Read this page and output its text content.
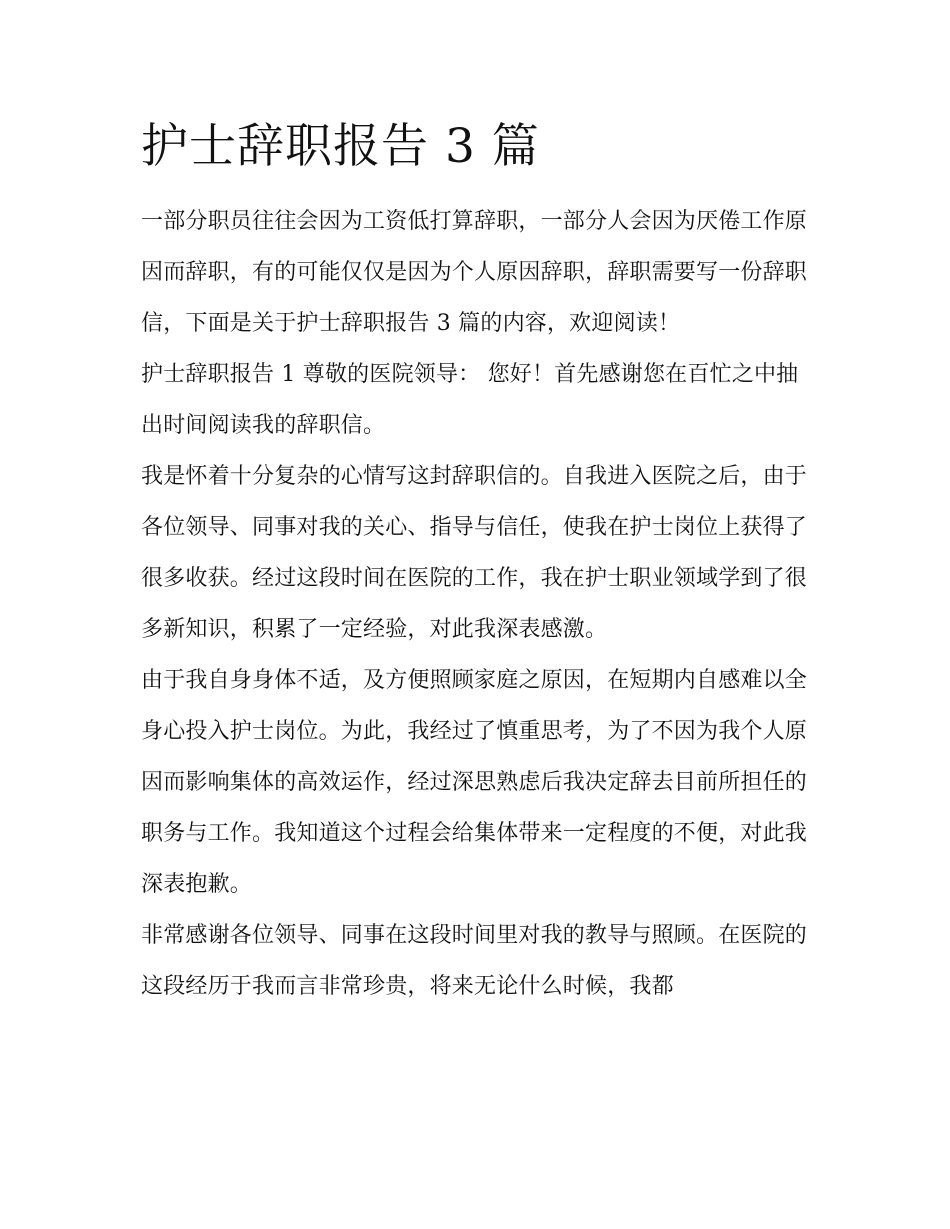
护士辞职报告 3 篇

一部分职员往往会因为工资低打算辞职，一部分人会因为厌倦工作原因而辞职，有的可能仅仅是因为个人原因辞职，辞职需要写一份辞职信，下面是关于护士辞职报告 3 篇的内容，欢迎阅读！

护士辞职报告 1 尊敬的医院领导： 您好！首先感谢您在百忙之中抽出时间阅读我的辞职信。

我是怀着十分复杂的心情写这封辞职信的。自我进入医院之后，由于各位领导、同事对我的关心、指导与信任，使我在护士岗位上获得了很多收获。经过这段时间在医院的工作，我在护士职业领域学到了很多新知识，积累了一定经验，对此我深表感激。

由于我自身身体不适，及方便照顾家庭之原因，在短期内自感难以全身心投入护士岗位。为此，我经过了慎重思考，为了不因为我个人原因而影响集体的高效运作，经过深思熟虑后我决定辞去目前所担任的职务与工作。我知道这个过程会给集体带来一定程度的不便，对此我深表抱歉。

非常感谢各位领导、同事在这段时间里对我的教导与照顾。在医院的这段经历于我而言非常珍贵，将来无论什么时候，我都
